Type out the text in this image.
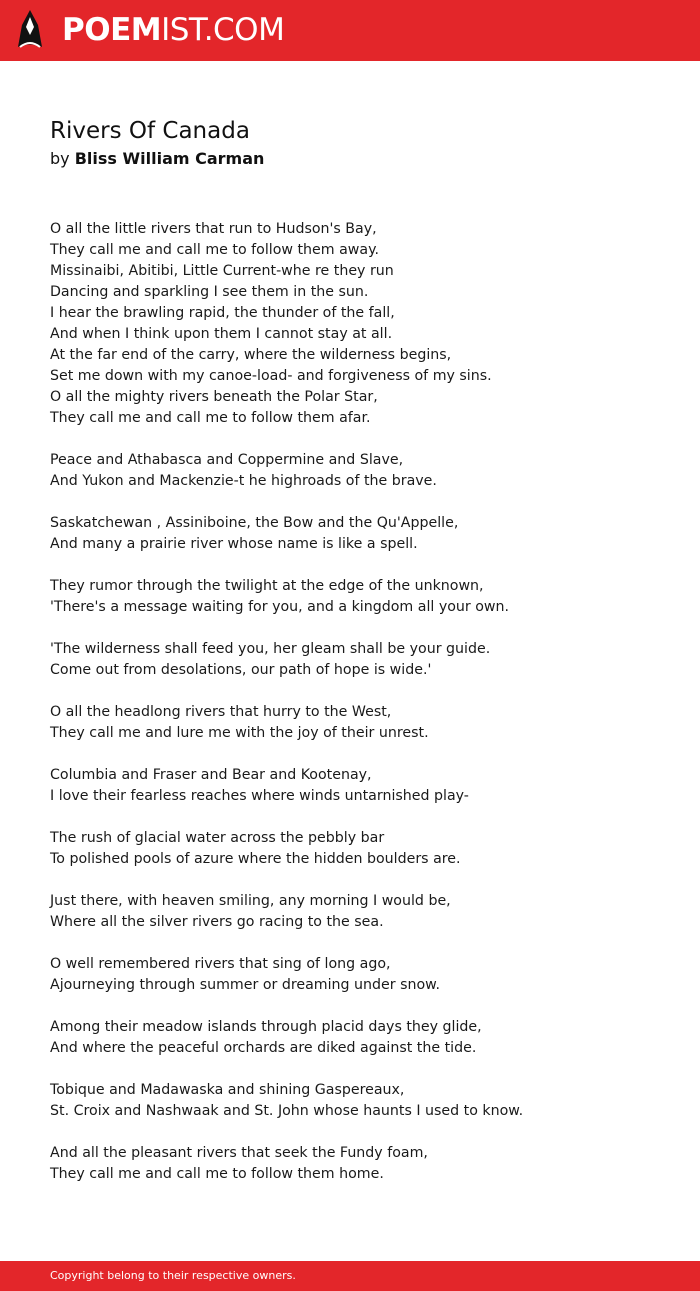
POEMIST.COM
Rivers Of Canada
by Bliss William Carman
O all the little rivers that run to Hudson's Bay,
They call me and call me to follow them away.
Missinaibi, Abitibi, Little Current-whe re they run
Dancing and sparkling I see them in the sun.
I hear the brawling rapid, the thunder of the fall,
And when I think upon them I cannot stay at all.
At the far end of the carry, where the wilderness begins,
Set me down with my canoe-load- and forgiveness of my sins.
O all the mighty rivers beneath the Polar Star,
They call me and call me to follow them afar.
Peace and Athabasca and Coppermine and Slave,
And Yukon and Mackenzie-t he highroads of the brave.
Saskatchewan , Assiniboine, the Bow and the Qu'Appelle,
And many a prairie river whose name is like a spell.
They rumor through the twilight at the edge of the unknown,
'There's a message waiting for you, and a kingdom all your own.
'The wilderness shall feed you, her gleam shall be your guide.
Come out from desolations, our path of hope is wide.'
O all the headlong rivers that hurry to the West,
They call me and lure me with the joy of their unrest.
Columbia and Fraser and Bear and Kootenay,
I love their fearless reaches where winds untarnished play-
The rush of glacial water across the pebbly bar
To polished pools of azure where the hidden boulders are.
Just there, with heaven smiling, any morning I would be,
Where all the silver rivers go racing to the sea.
O well remembered rivers that sing of long ago,
Ajourneying through summer or dreaming under snow.
Among their meadow islands through placid days they glide,
And where the peaceful orchards are diked against the tide.
Tobique and Madawaska and shining Gaspereaux,
St. Croix and Nashwaak and St. John whose haunts I used to know.
And all the pleasant rivers that seek the Fundy foam,
They call me and call me to follow them home.
Copyright belong to their respective owners.
